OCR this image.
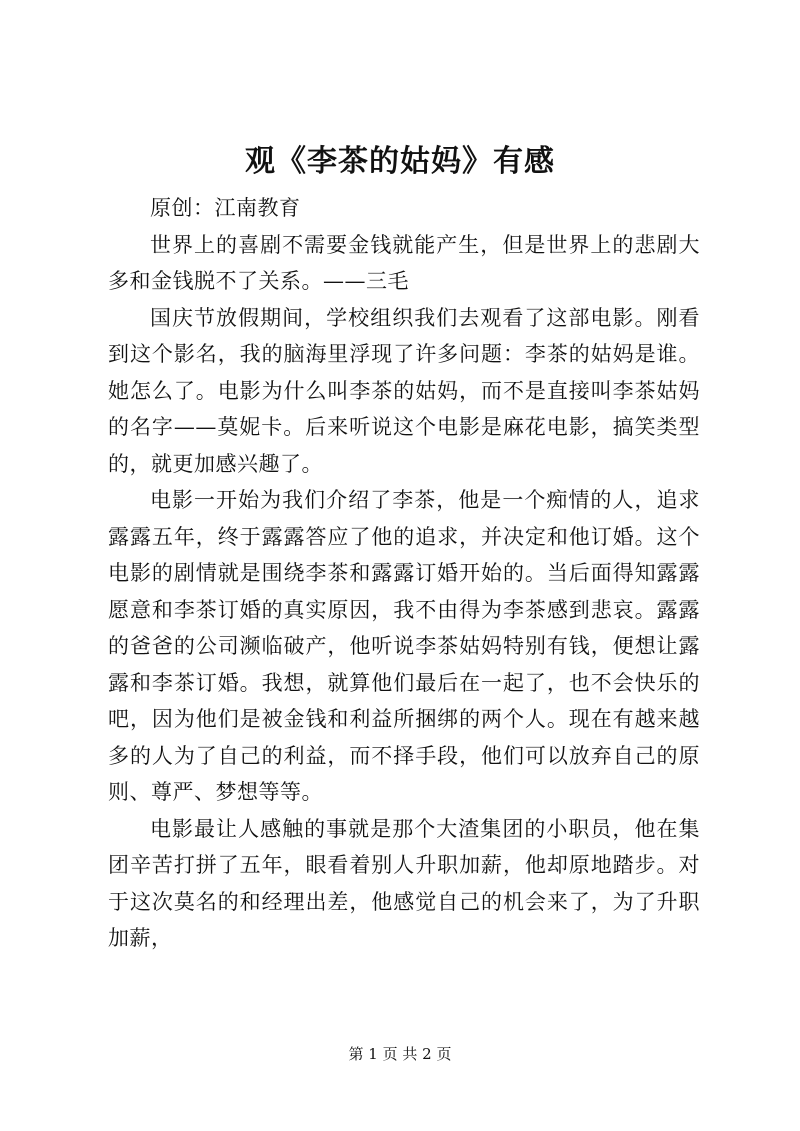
观《李茶的姑妈》有感

原创：江南教育

世界上的喜剧不需要金钱就能产生，但是世界上的悲剧大多和金钱脱不了关系。——三毛

国庆节放假期间，学校组织我们去观看了这部电影。刚看到这个影名，我的脑海里浮现了许多问题：李茶的姑妈是谁。她怎么了。电影为什么叫李茶的姑妈，而不是直接叫李茶姑妈的名字——莫妮卡。后来听说这个电影是麻花电影，搞笑类型的，就更加感兴趣了。

电影一开始为我们介绍了李茶，他是一个痴情的人，追求露露五年，终于露露答应了他的追求，并决定和他订婚。这个电影的剧情就是围绕李茶和露露订婚开始的。当后面得知露露愿意和李茶订婚的真实原因，我不由得为李茶感到悲哀。露露的爸爸的公司濒临破产，他听说李茶姑妈特别有钱，便想让露露和李茶订婚。我想，就算他们最后在一起了，也不会快乐的吧，因为他们是被金钱和利益所捆绑的两个人。现在有越来越多的人为了自己的利益，而不择手段，他们可以放弃自己的原则、尊严、梦想等等。

电影最让人感触的事就是那个大渣集团的小职员，他在集团辛苦打拼了五年，眼看着别人升职加薪，他却原地踏步。对于这次莫名的和经理出差，他感觉自己的机会来了，为了升职加薪，

第 1 页 共 2 页
